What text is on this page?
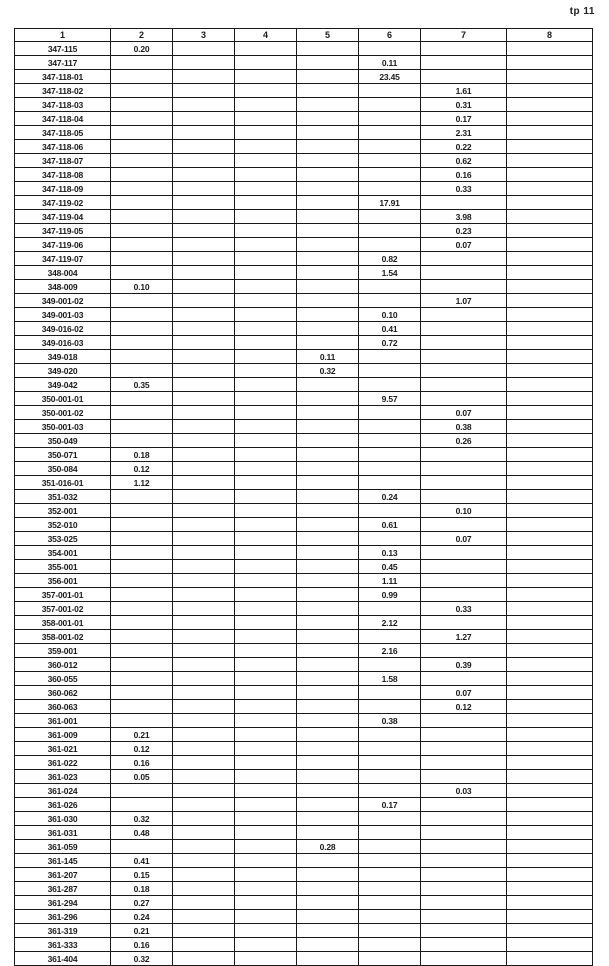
tp 11
1	2	3	4	5	6	7	8
347-115	0.20						
347-117					0.11		
347-118-01					23.45		
347-118-02						1.61	
347-118-03						0.31	
347-118-04						0.17	
347-118-05						2.31	
347-118-06						0.22	
347-118-07						0.62	
347-118-08						0.16	
347-118-09						0.33	
347-119-02					17.91		
347-119-04						3.98	
347-119-05						0.23	
347-119-06						0.07	
347-119-07					0.82		
348-004					1.54		
348-009	0.10						
349-001-02						1.07	
349-001-03					0.10		
349-016-02					0.41		
349-016-03					0.72		
349-018				0.11			
349-020				0.32			
349-042	0.35						
350-001-01					9.57		
350-001-02						0.07	
350-001-03						0.38	
350-049						0.26	
350-071	0.18						
350-084	0.12						
351-016-01	1.12						
351-032					0.24		
352-001						0.10	
352-010					0.61		
353-025						0.07	
354-001					0.13		
355-001					0.45		
356-001					1.11		
357-001-01					0.99		
357-001-02						0.33	
358-001-01					2.12		
358-001-02						1.27	
359-001					2.16		
360-012						0.39	
360-055					1.58		
360-062						0.07	
360-063						0.12	
361-001					0.38		
361-009	0.21						
361-021	0.12						
361-022	0.16						
361-023	0.05						
361-024						0.03	
361-026					0.17		
361-030	0.32						
361-031	0.48						
361-059				0.28			
361-145	0.41						
361-207	0.15						
361-287	0.18						
361-294	0.27						
361-296	0.24						
361-319	0.21						
361-333	0.16						
361-404	0.32						
